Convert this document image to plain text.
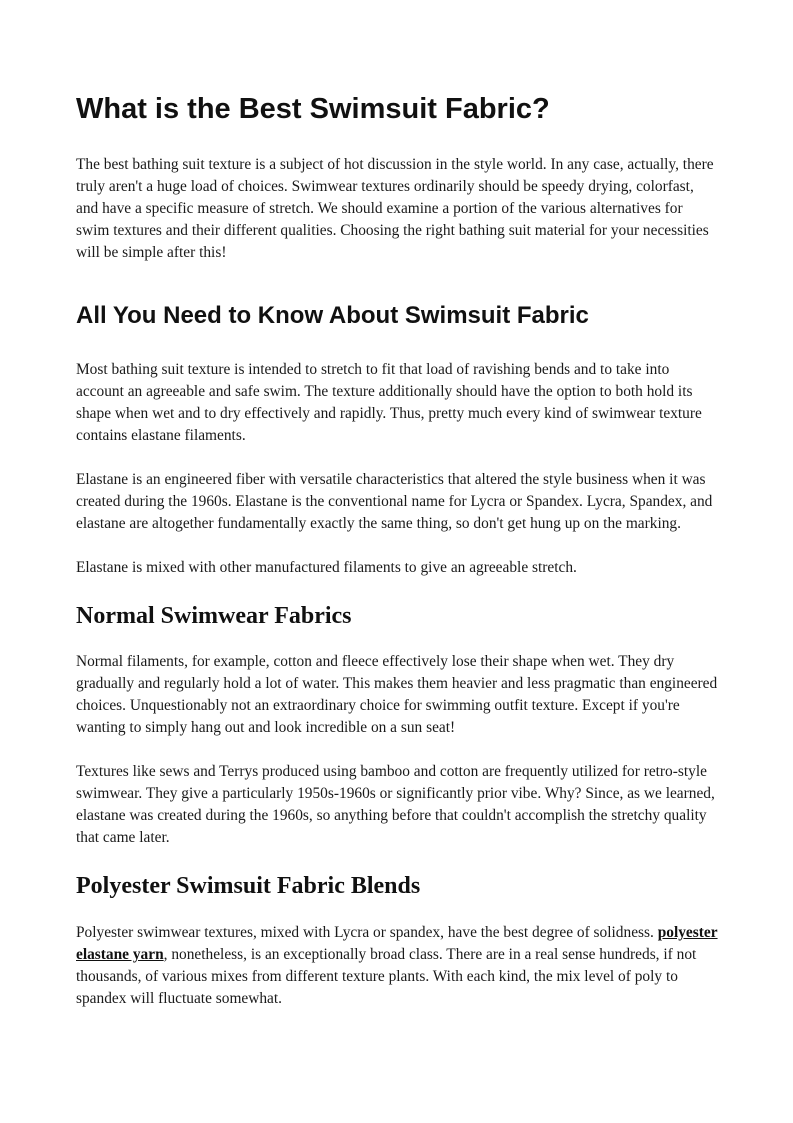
What is the Best Swimsuit Fabric?

The best bathing suit texture is a subject of hot discussion in the style world. In any case, actually, there truly aren't a huge load of choices. Swimwear textures ordinarily should be speedy drying, colorfast, and have a specific measure of stretch. We should examine a portion of the various alternatives for swim textures and their different qualities. Choosing the right bathing suit material for your necessities will be simple after this!

All You Need to Know About Swimsuit Fabric

Most bathing suit texture is intended to stretch to fit that load of ravishing bends and to take into account an agreeable and safe swim. The texture additionally should have the option to both hold its shape when wet and to dry effectively and rapidly. Thus, pretty much every kind of swimwear texture contains elastane filaments.

Elastane is an engineered fiber with versatile characteristics that altered the style business when it was created during the 1960s. Elastane is the conventional name for Lycra or Spandex. Lycra, Spandex, and elastane are altogether fundamentally exactly the same thing, so don't get hung up on the marking.

Elastane is mixed with other manufactured filaments to give an agreeable stretch.

Normal Swimwear Fabrics

Normal filaments, for example, cotton and fleece effectively lose their shape when wet. They dry gradually and regularly hold a lot of water. This makes them heavier and less pragmatic than engineered choices. Unquestionably not an extraordinary choice for swimming outfit texture. Except if you're wanting to simply hang out and look incredible on a sun seat!

Textures like sews and Terrys produced using bamboo and cotton are frequently utilized for retro-style swimwear. They give a particularly 1950s-1960s or significantly prior vibe. Why? Since, as we learned, elastane was created during the 1960s, so anything before that couldn't accomplish the stretchy quality that came later.

Polyester Swimsuit Fabric Blends

Polyester swimwear textures, mixed with Lycra or spandex, have the best degree of solidness. polyester elastane yarn, nonetheless, is an exceptionally broad class. There are in a real sense hundreds, if not thousands, of various mixes from different texture plants. With each kind, the mix level of poly to spandex will fluctuate somewhat.
